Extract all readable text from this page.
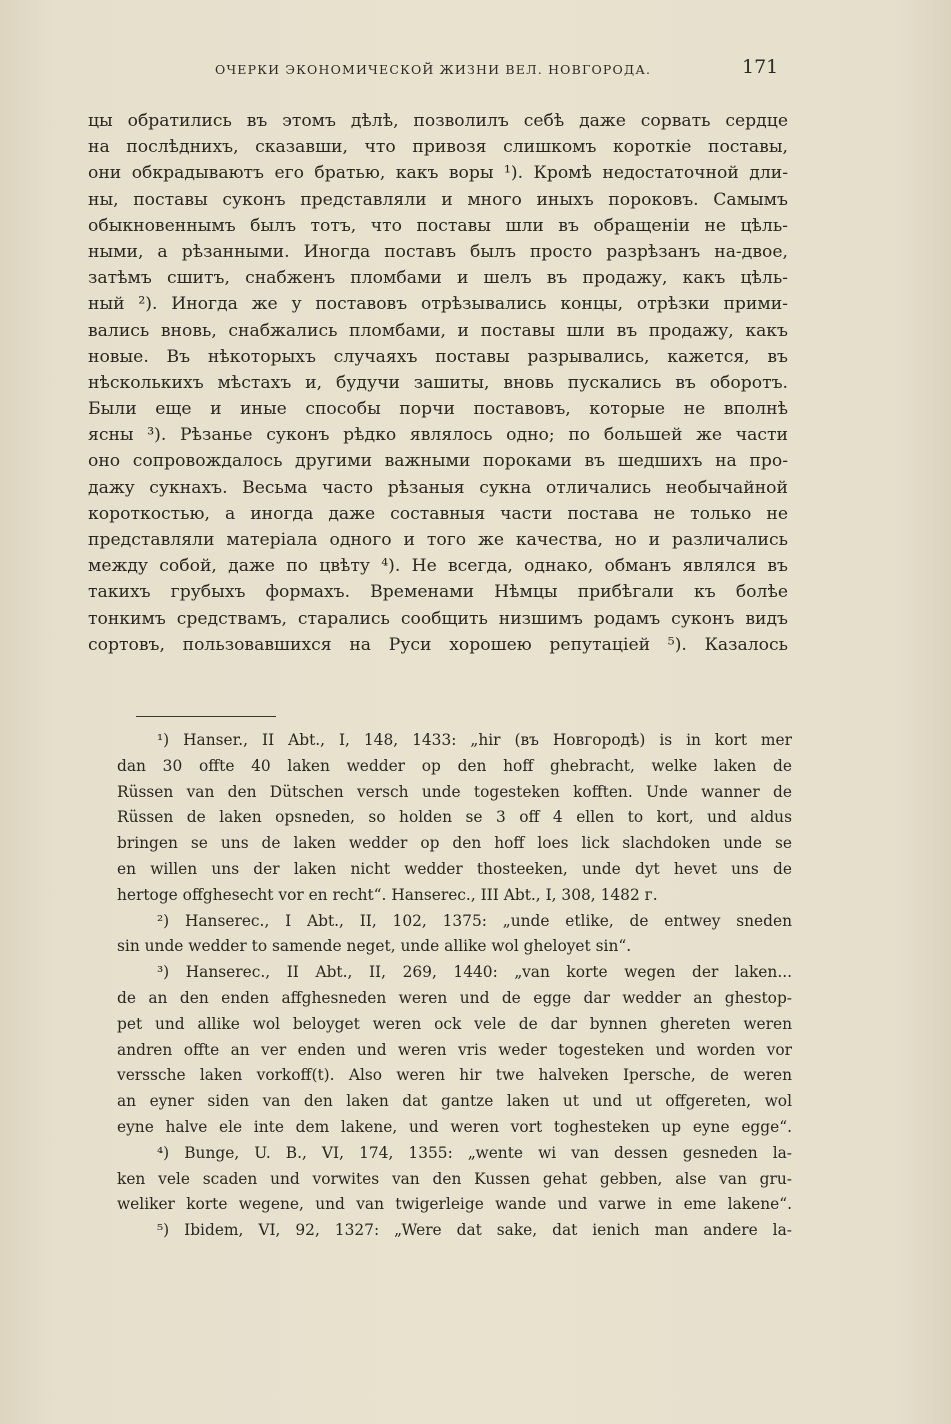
ОЧЕРКИ ЭКОНОМИЧЕСКОЙ ЖИЗНИ ВЕЛ. НОВГОРОДА.	171
цы обратились въ этомъ дѣлѣ, позволилъ себѣ даже сорвать сердце
на послѣднихъ, сказавши, что привозя слишкомъ короткіе поставы,
они обкрадываютъ его братью, какъ воры ¹). Кромѣ недостаточной дли-
ны, поставы суконъ представляли и много иныхъ пороковъ. Самымъ
обыкновеннымъ былъ тотъ, что поставы шли въ обращеніи не цѣль-
ными, а рѣзанными. Иногда поставъ былъ просто разрѣзанъ на-двое,
затѣмъ сшитъ, снабженъ пломбами и шелъ въ продажу, какъ цѣль-
ный ²). Иногда же у поставовъ отрѣзывались концы, отрѣзки прими-
вались вновь, снабжались пломбами, и поставы шли въ продажу, какъ
новые. Въ нѣкоторыхъ случаяхъ поставы разрывались, кажется, въ
нѣсколькихъ мѣстахъ и, будучи зашиты, вновь пускались въ оборотъ.
Были еще и иные способы порчи поставовъ, которые не вполнѣ
ясны ³). Рѣзанье суконъ рѣдко являлось одно; по большей же части
оно сопровождалось другими важными пороками въ шедшихъ на про-
дажу сукнахъ. Весьма часто рѣзаныя сукна отличались необычайной
короткостью, а иногда даже составныя части постава не только не
представляли матеріала одного и того же качества, но и различались
между собой, даже по цвѣту ⁴). Не всегда, однако, обманъ являлся въ
такихъ грубыхъ формахъ. Временами Нѣмцы прибѣгали къ болѣе
тонкимъ средствамъ, старались сообщить низшимъ родамъ суконъ видъ
сортовъ, пользовавшихся на Руси хорошею репутаціей ⁵). Казалось
¹) Hanser., II Abt., I, 148, 1433: „hir (въ Новгородѣ) is in kort mer
dan 30 offte 40 laken wedder op den hoff ghebracht, welke laken de
Rüssen van den Dütschen versch unde togesteken kofften. Unde wanner de
Rüssen de laken opsneden, so holden se 3 off 4 ellen to kort, und aldus
bringen se uns de laken wedder op den hoff loes lick slachdoken unde se
en willen uns der laken nicht wedder thosteeken, unde dyt hevet uns de
hertoge offghesecht vor en recht“. Hanserec., III Abt., I, 308, 1482 г.
²) Hanserec., I Abt., II, 102, 1375: „unde etlike, de entwey sneden
sin unde wedder to samende neget, unde allike wol gheloyet sin“.
³) Hanserec., II Abt., II, 269, 1440: „van korte wegen der laken...
de an den enden affghesneden weren und de egge dar wedder an ghestop-
pet und allike wol beloyget weren ock vele de dar bynnen ghereten weren
andren offte an ver enden und weren vris weder togesteken und worden vor
verssche laken vorkoff(t). Also weren hir twe halveken Ipersche, de weren
an eyner siden van den laken dat gantze laken ut und ut offgereten, wol
eyne halve ele inte dem lakene, und weren vort toghesteken up eyne egge“.
⁴) Bunge, U. B., VI, 174, 1355: „wente wi van dessen gesneden la-
ken vele scaden und vorwites van den Kussen gehat gebben, alse van gru-
weliker korte wegene, und van twigerleige wande und varwe in eme lakene“.
⁵) Ibidem, VI, 92, 1327: „Were dat sake, dat ienich man andere la-
